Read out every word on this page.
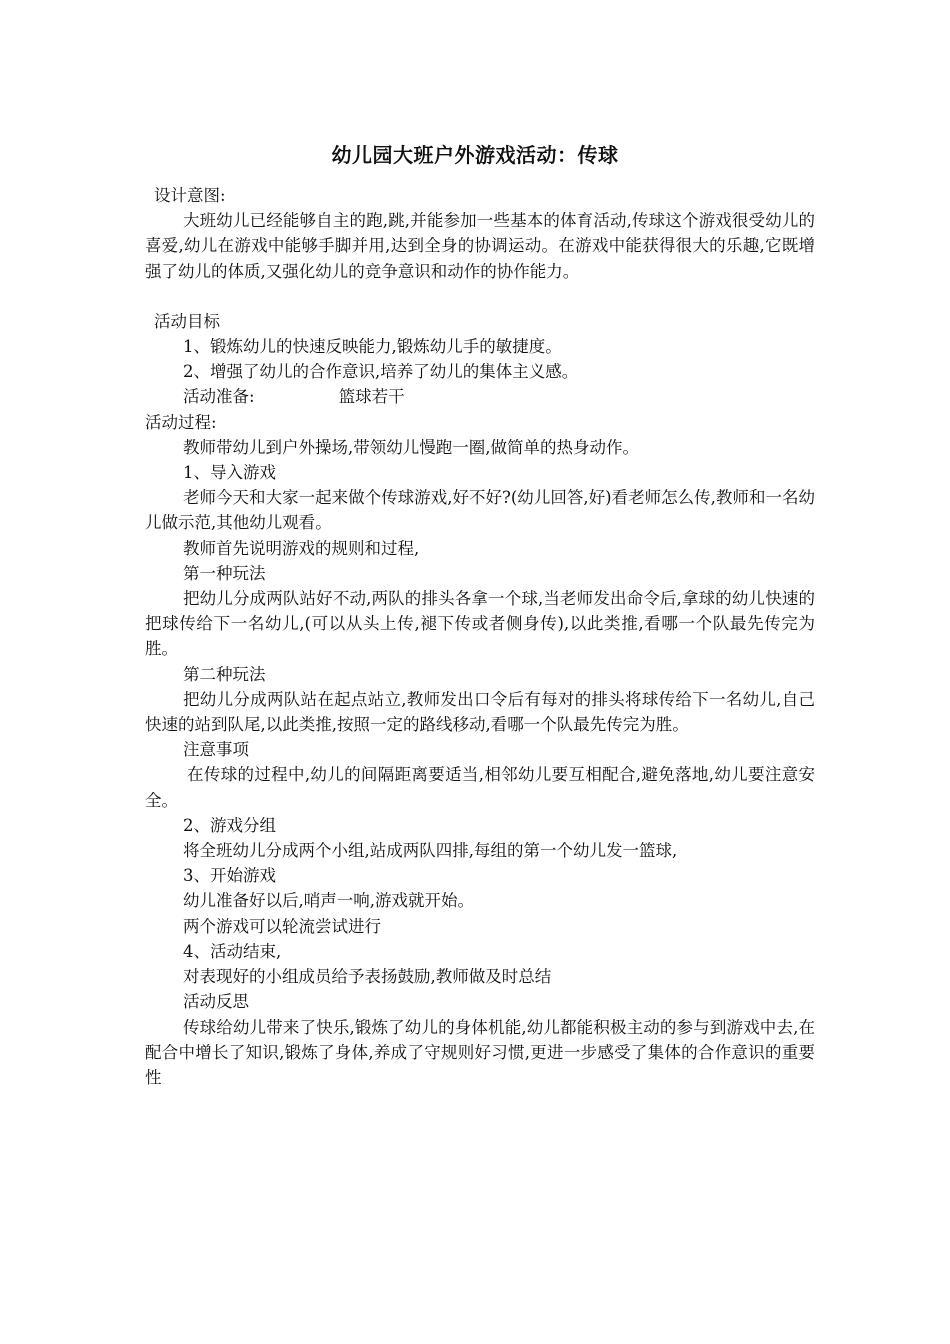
幼儿园大班户外游戏活动：传球

设计意图:

大班幼儿已经能够自主的跑,跳,并能参加一些基本的体育活动,传球这个游戏很受幼儿的喜爱,幼儿在游戏中能够手脚并用,达到全身的协调运动。在游戏中能获得很大的乐趣,它既增强了幼儿的体质,又强化幼儿的竞争意识和动作的协作能力。

活动目标

1、锻炼幼儿的快速反映能力,锻炼幼儿手的敏捷度。

2、增强了幼儿的合作意识,培养了幼儿的集体主义感。

活动准备:	篮球若干

活动过程:

教师带幼儿到户外操场,带领幼儿慢跑一圈,做简单的热身动作。

1、导入游戏

老师今天和大家一起来做个传球游戏,好不好?(幼儿回答,好)看老师怎么传,教师和一名幼儿做示范,其他幼儿观看。

教师首先说明游戏的规则和过程,

第一种玩法

把幼儿分成两队站好不动,两队的排头各拿一个球,当老师发出命令后,拿球的幼儿快速的把球传给下一名幼儿,(可以从头上传,褪下传或者侧身传),以此类推,看哪一个队最先传完为胜。

第二种玩法

把幼儿分成两队站在起点站立,教师发出口令后有每对的排头将球传给下一名幼儿,自己快速的站到队尾,以此类推,按照一定的路线移动,看哪一个队最先传完为胜。

注意事项

在传球的过程中,幼儿的间隔距离要适当,相邻幼儿要互相配合,避免落地,幼儿要注意安全。

2、游戏分组

将全班幼儿分成两个小组,站成两队四排,每组的第一个幼儿发一篮球,

3、开始游戏

幼儿准备好以后,哨声一响,游戏就开始。

两个游戏可以轮流尝试进行

4、活动结束,

对表现好的小组成员给予表扬鼓励,教师做及时总结

活动反思

传球给幼儿带来了快乐,锻炼了幼儿的身体机能,幼儿都能积极主动的参与到游戏中去,在配合中增长了知识,锻炼了身体,养成了守规则好习惯,更进一步感受了集体的合作意识的重要性
